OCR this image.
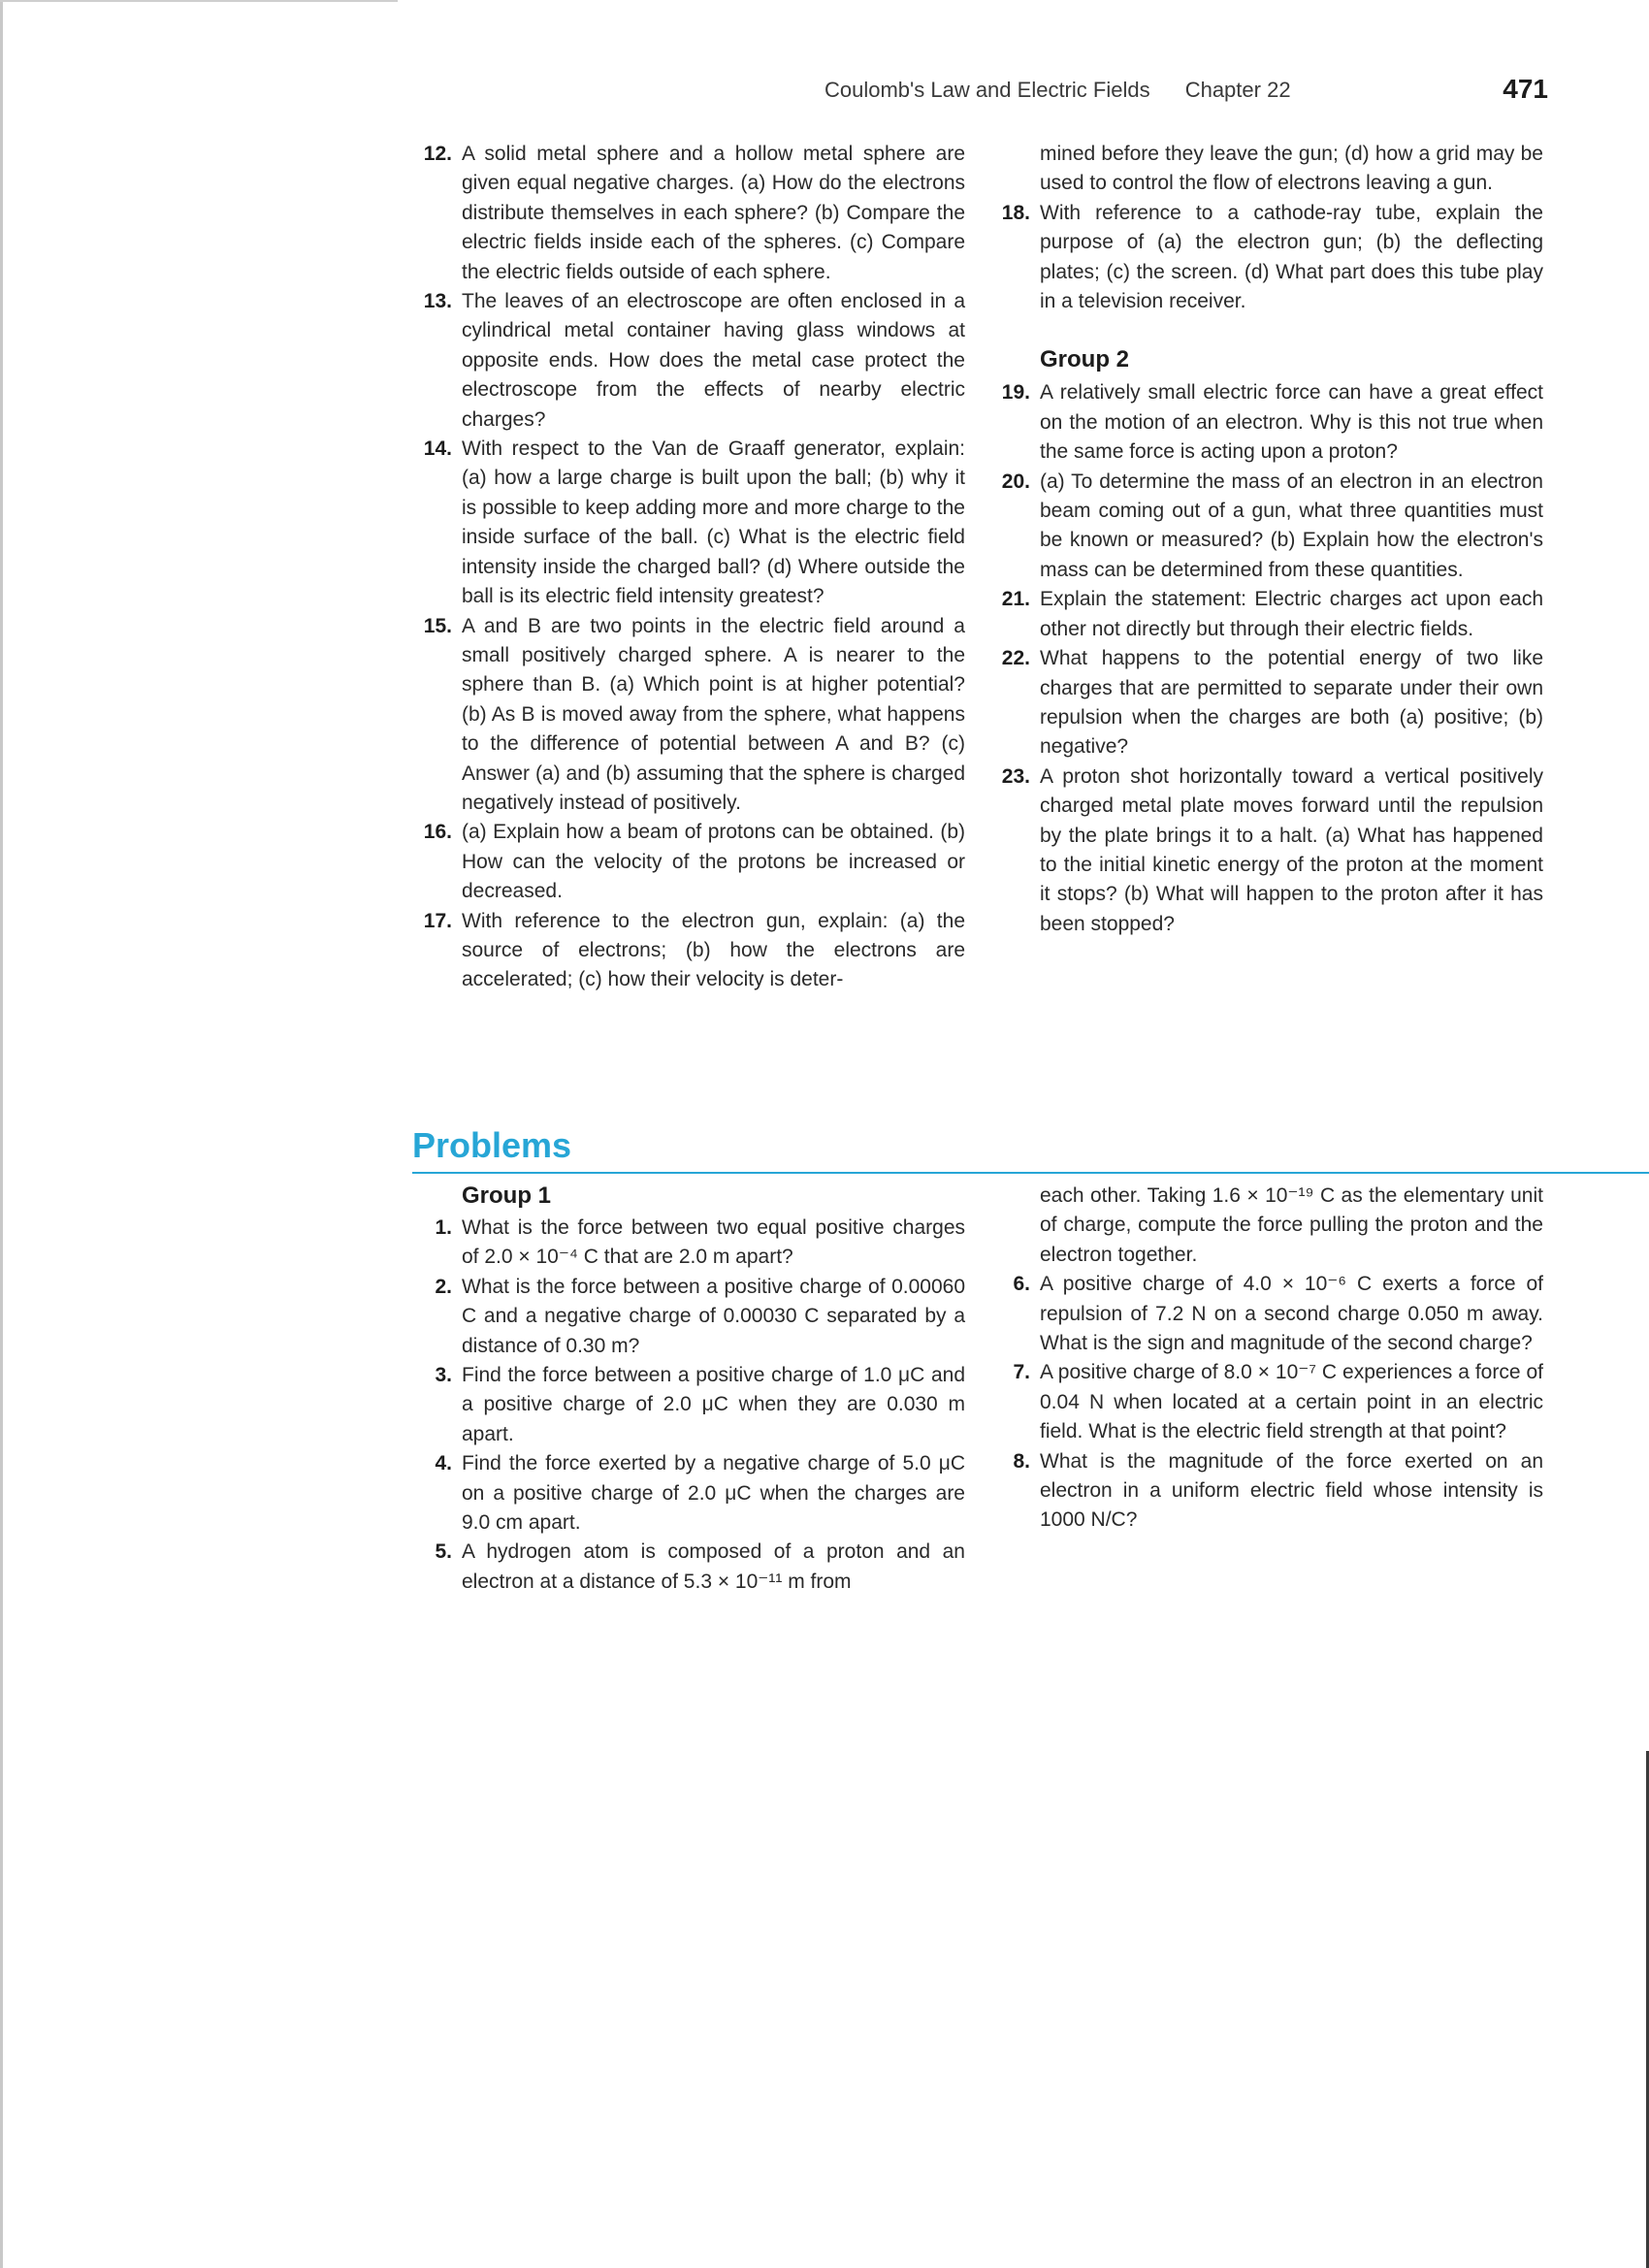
Coulomb's Law and Electric Fields Chapter 22	471

12. A solid metal sphere and a hollow metal sphere are given equal negative charges. (a) How do the electrons distribute themselves in each sphere? (b) Compare the electric fields inside each of the spheres. (c) Compare the electric fields outside of each sphere.

13. The leaves of an electroscope are often enclosed in a cylindrical metal container having glass windows at opposite ends. How does the metal case protect the electroscope from the effects of nearby electric charges?

14. With respect to the Van de Graaff generator, explain: (a) how a large charge is built upon the ball; (b) why it is possible to keep adding more and more charge to the inside surface of the ball. (c) What is the electric field intensity inside the charged ball? (d) Where outside the ball is its electric field intensity greatest?

15. A and B are two points in the electric field around a small positively charged sphere. A is nearer to the sphere than B. (a) Which point is at higher potential? (b) As B is moved away from the sphere, what happens to the difference of potential between A and B? (c) Answer (a) and (b) assuming that the sphere is charged negatively instead of positively.

16. (a) Explain how a beam of protons can be obtained. (b) How can the velocity of the protons be increased or decreased.

17. With reference to the electron gun, explain: (a) the source of electrons; (b) how the electrons are accelerated; (c) how their velocity is deter-

mined before they leave the gun; (d) how a grid may be used to control the flow of electrons leaving a gun.

18. With reference to a cathode-ray tube, explain the purpose of (a) the electron gun; (b) the deflecting plates; (c) the screen. (d) What part does this tube play in a television receiver.

Group 2

19. A relatively small electric force can have a great effect on the motion of an electron. Why is this not true when the same force is acting upon a proton?

20. (a) To determine the mass of an electron in an electron beam coming out of a gun, what three quantities must be known or measured? (b) Explain how the electron's mass can be determined from these quantities.

21. Explain the statement: Electric charges act upon each other not directly but through their electric fields.

22. What happens to the potential energy of two like charges that are permitted to separate under their own repulsion when the charges are both (a) positive; (b) negative?

23. A proton shot horizontally toward a vertical positively charged metal plate moves forward until the repulsion by the plate brings it to a halt. (a) What has happened to the initial kinetic energy of the proton at the moment it stops? (b) What will happen to the proton after it has been stopped?

Problems
Group 1

1. What is the force between two equal positive charges of 2.0 × 10⁻⁴ C that are 2.0 m apart?

2. What is the force between a positive charge of 0.00060 C and a negative charge of 0.00030 C separated by a distance of 0.30 m?

3. Find the force between a positive charge of 1.0 μC and a positive charge of 2.0 μC when they are 0.030 m apart.

4. Find the force exerted by a negative charge of 5.0 μC on a positive charge of 2.0 μC when the charges are 9.0 cm apart.

5. A hydrogen atom is composed of a proton and an electron at a distance of 5.3 × 10⁻¹¹ m from

each other. Taking 1.6 × 10⁻¹⁹ C as the elementary unit of charge, compute the force pulling the proton and the electron together.

6. A positive charge of 4.0 × 10⁻⁶ C exerts a force of repulsion of 7.2 N on a second charge 0.050 m away. What is the sign and magnitude of the second charge?

7. A positive charge of 8.0 × 10⁻⁷ C experiences a force of 0.04 N when located at a certain point in an electric field. What is the electric field strength at that point?

8. What is the magnitude of the force exerted on an electron in a uniform electric field whose intensity is 1000 N/C?
